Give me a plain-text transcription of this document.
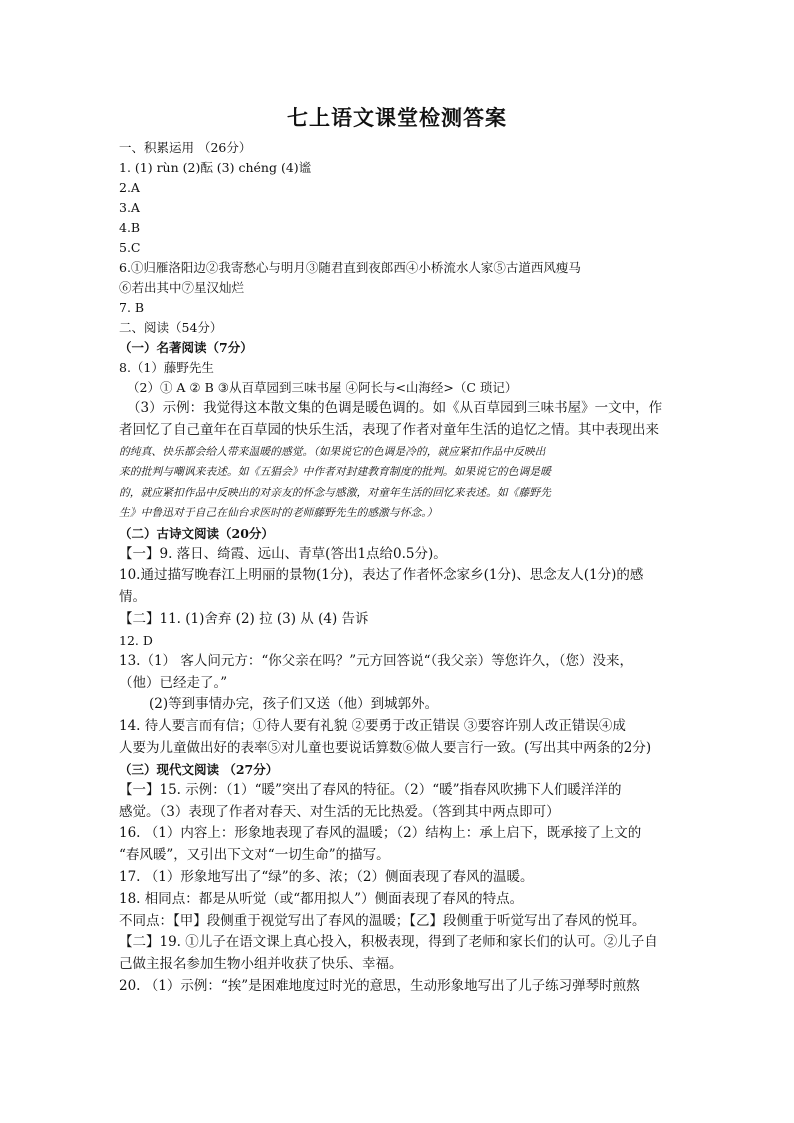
七上语文课堂检测答案
一、积累运用 （26分）
1. (1) rùn (2)酝 (3) chéng (4)谧
2.A
3.A
4.B
5.C
6.①归雁洛阳边②我寄愁心与明月③随君直到夜郎西④小桥流水人家⑤古道西风瘦马
⑥若出其中⑦星汉灿烂
7. B
二、阅读（54分）
（一）名著阅读（7分）
8.（1）藤野先生
（2）① A ② B ③从百草园到三味书屋 ④阿长与<山海经>（C 琐记）
（3）示例：我觉得这本散文集的色调是暖色调的。如《从百草园到三味书屋》一文中，作
者回忆了自己童年在百草园的快乐生活，表现了作者对童年生活的追忆之情。其中表现出来
的纯真、快乐都会给人带来温暖的感觉。（如果说它的色调是冷的，就应紧扣作品中反映出
来的批判与嘲讽来表述。如《五猖会》中作者对封建教育制度的批判。如果说它的色调是暖
的，就应紧扣作品中反映出的对亲友的怀念与感激，对童年生活的回忆来表述。如《藤野先
生》中鲁迅对于自己在仙台求医时的老师藤野先生的感激与怀念。）
（二）古诗文阅读（20分）
【一】9. 落日、绮霞、远山、青草(答出1点给0.5分)。
10.通过描写晚春江上明丽的景物(1分)，表达了作者怀念家乡(1分)、思念友人(1分)的感
情。
【二】11. (1)舍弃 (2) 拉 (3) 从 (4) 告诉
12. D
13.（1） 客人问元方：“你父亲在吗？”元方回答说“（我父亲）等您许久，（您）没来，
（他）已经走了。”
(2)等到事情办完，孩子们又送（他）到城郭外。
14. 待人要言而有信；①待人要有礼貌 ②要勇于改正错误 ③要容许别人改正错误④成
人要为儿童做出好的表率⑤对儿童也要说话算数⑥做人要言行一致。(写出其中两条的2分)
（三）现代文阅读 （27分）
【一】15. 示例：（1）“暖”突出了春风的特征。（2）“暖”指春风吹拂下人们暖洋洋的
感觉。（3）表现了作者对春天、对生活的无比热爱。（答到其中两点即可）
16. （1）内容上：形象地表现了春风的温暖；（2）结构上：承上启下，既承接了上文的
“春风暖”，又引出下文对“一切生命”的描写。
17. （1）形象地写出了“绿”的多、浓；（2）侧面表现了春风的温暖。
18. 相同点：都是从听觉（或“都用拟人”）侧面表现了春风的特点。
不同点：【甲】段侧重于视觉写出了春风的温暖；【乙】段侧重于听觉写出了春风的悦耳。
【二】19. ①儿子在语文课上真心投入，积极表现，得到了老师和家长们的认可。②儿子自
己做主报名参加生物小组并收获了快乐、幸福。
20. （1）示例：“挨”是困难地度过时光的意思，生动形象地写出了儿子练习弹琴时煎熬
